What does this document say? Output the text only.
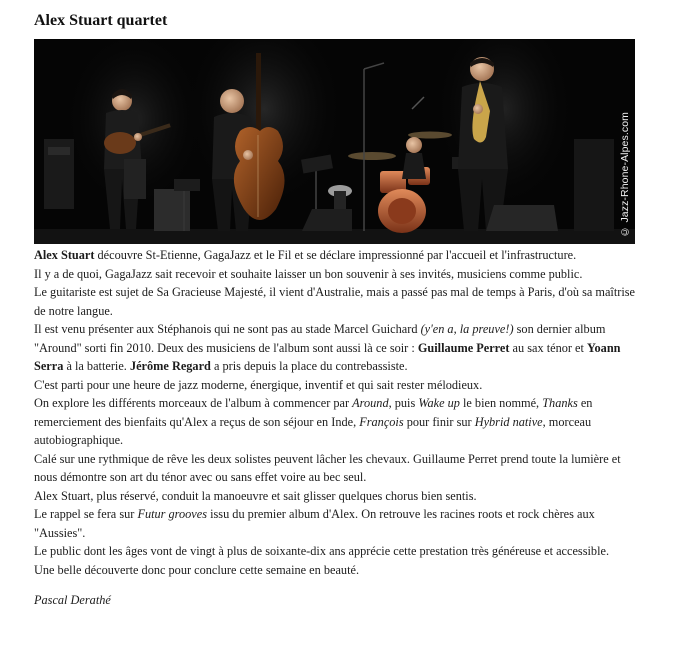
Alex Stuart quartet
© Jazz-Rhone-Alpes.com

Alex Stuart découvre St-Etienne, GagaJazz et le Fil et se déclare impressionné par l'accueil et l'infrastructure.

Il y a de quoi, GagaJazz sait recevoir et souhaite laisser un bon souvenir à ses invités, musiciens comme public.

Le guitariste est sujet de Sa Gracieuse Majesté, il vient d'Australie, mais a passé pas mal de temps à Paris, d'où sa maîtrise de notre langue.

Il est venu présenter aux Stéphanois qui ne sont pas au stade Marcel Guichard (y'en a, la preuve!) son dernier album "Around" sorti fin 2010. Deux des musiciens de l'album sont aussi là ce soir : Guillaume Perret au sax ténor et Yoann Serra à la batterie. Jérôme Regard a pris depuis la place du contrebassiste.

C'est parti pour une heure de jazz moderne, énergique, inventif et qui sait rester mélodieux.

On explore les différents morceaux de l'album à commencer par Around, puis Wake up le bien nommé, Thanks en remerciement des bienfaits qu'Alex a reçus de son séjour en Inde, François pour finir sur Hybrid native, morceau autobiographique.

Calé sur une rythmique de rêve les deux solistes peuvent lâcher les chevaux. Guillaume Perret prend toute la lumière et nous démontre son art du ténor avec ou sans effet voire au bec seul.

Alex Stuart, plus réservé, conduit la manoeuvre et sait glisser quelques chorus bien sentis.

Le rappel se fera sur Futur grooves issu du premier album d'Alex. On retrouve les racines roots et rock chères aux "Aussies".

Le public dont les âges vont de vingt à plus de soixante-dix ans apprécie cette prestation très généreuse et accessible.

Une belle découverte donc pour conclure cette semaine en beauté.

Pascal Derathé
